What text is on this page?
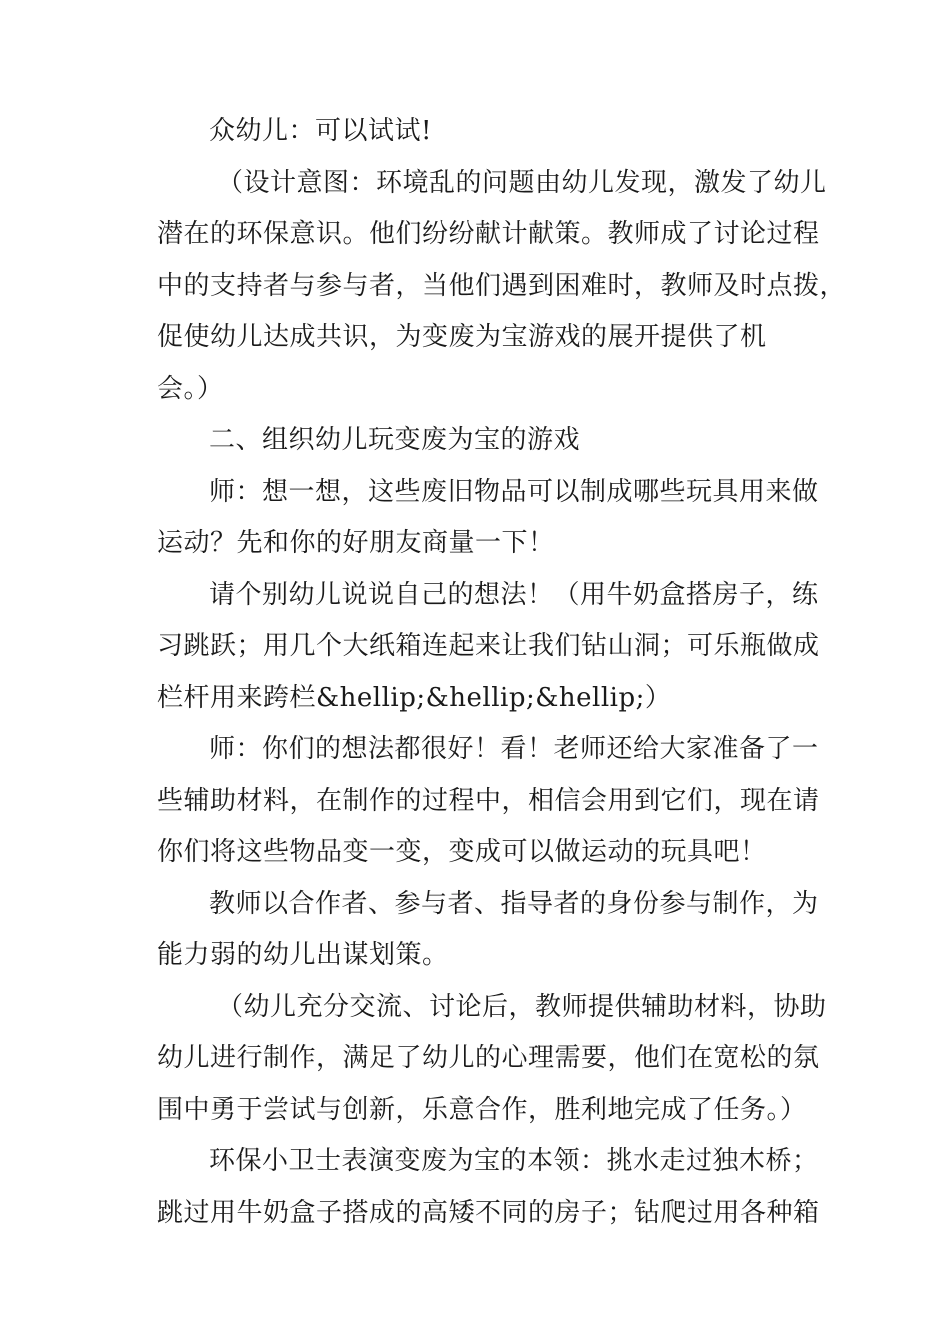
众幼儿：可以试试!
（设计意图：环境乱的问题由幼儿发现，激发了幼儿
潜在的环保意识。他们纷纷献计献策。教师成了讨论过程
中的支持者与参与者，当他们遇到困难时，教师及时点拨，
促使幼儿达成共识，为变废为宝游戏的展开提供了机
会。）
二、组织幼儿玩变废为宝的游戏
师：想一想，这些废旧物品可以制成哪些玩具用来做
运动？先和你的好朋友商量一下！
请个别幼儿说说自己的想法！（用牛奶盒搭房子，练
习跳跃；用几个大纸箱连起来让我们钻山洞；可乐瓶做成
栏杆用来跨栏&hellip;&hellip;&hellip;）
师：你们的想法都很好！看！老师还给大家准备了一
些辅助材料，在制作的过程中，相信会用到它们，现在请
你们将这些物品变一变，变成可以做运动的玩具吧！
教师以合作者、参与者、指导者的身份参与制作，为
能力弱的幼儿出谋划策。
（幼儿充分交流、讨论后，教师提供辅助材料，协助
幼儿进行制作，满足了幼儿的心理需要，他们在宽松的氛
围中勇于尝试与创新，乐意合作，胜利地完成了任务。）
环保小卫士表演变废为宝的本领：挑水走过独木桥；
跳过用牛奶盒子搭成的高矮不同的房子；钻爬过用各种箱
